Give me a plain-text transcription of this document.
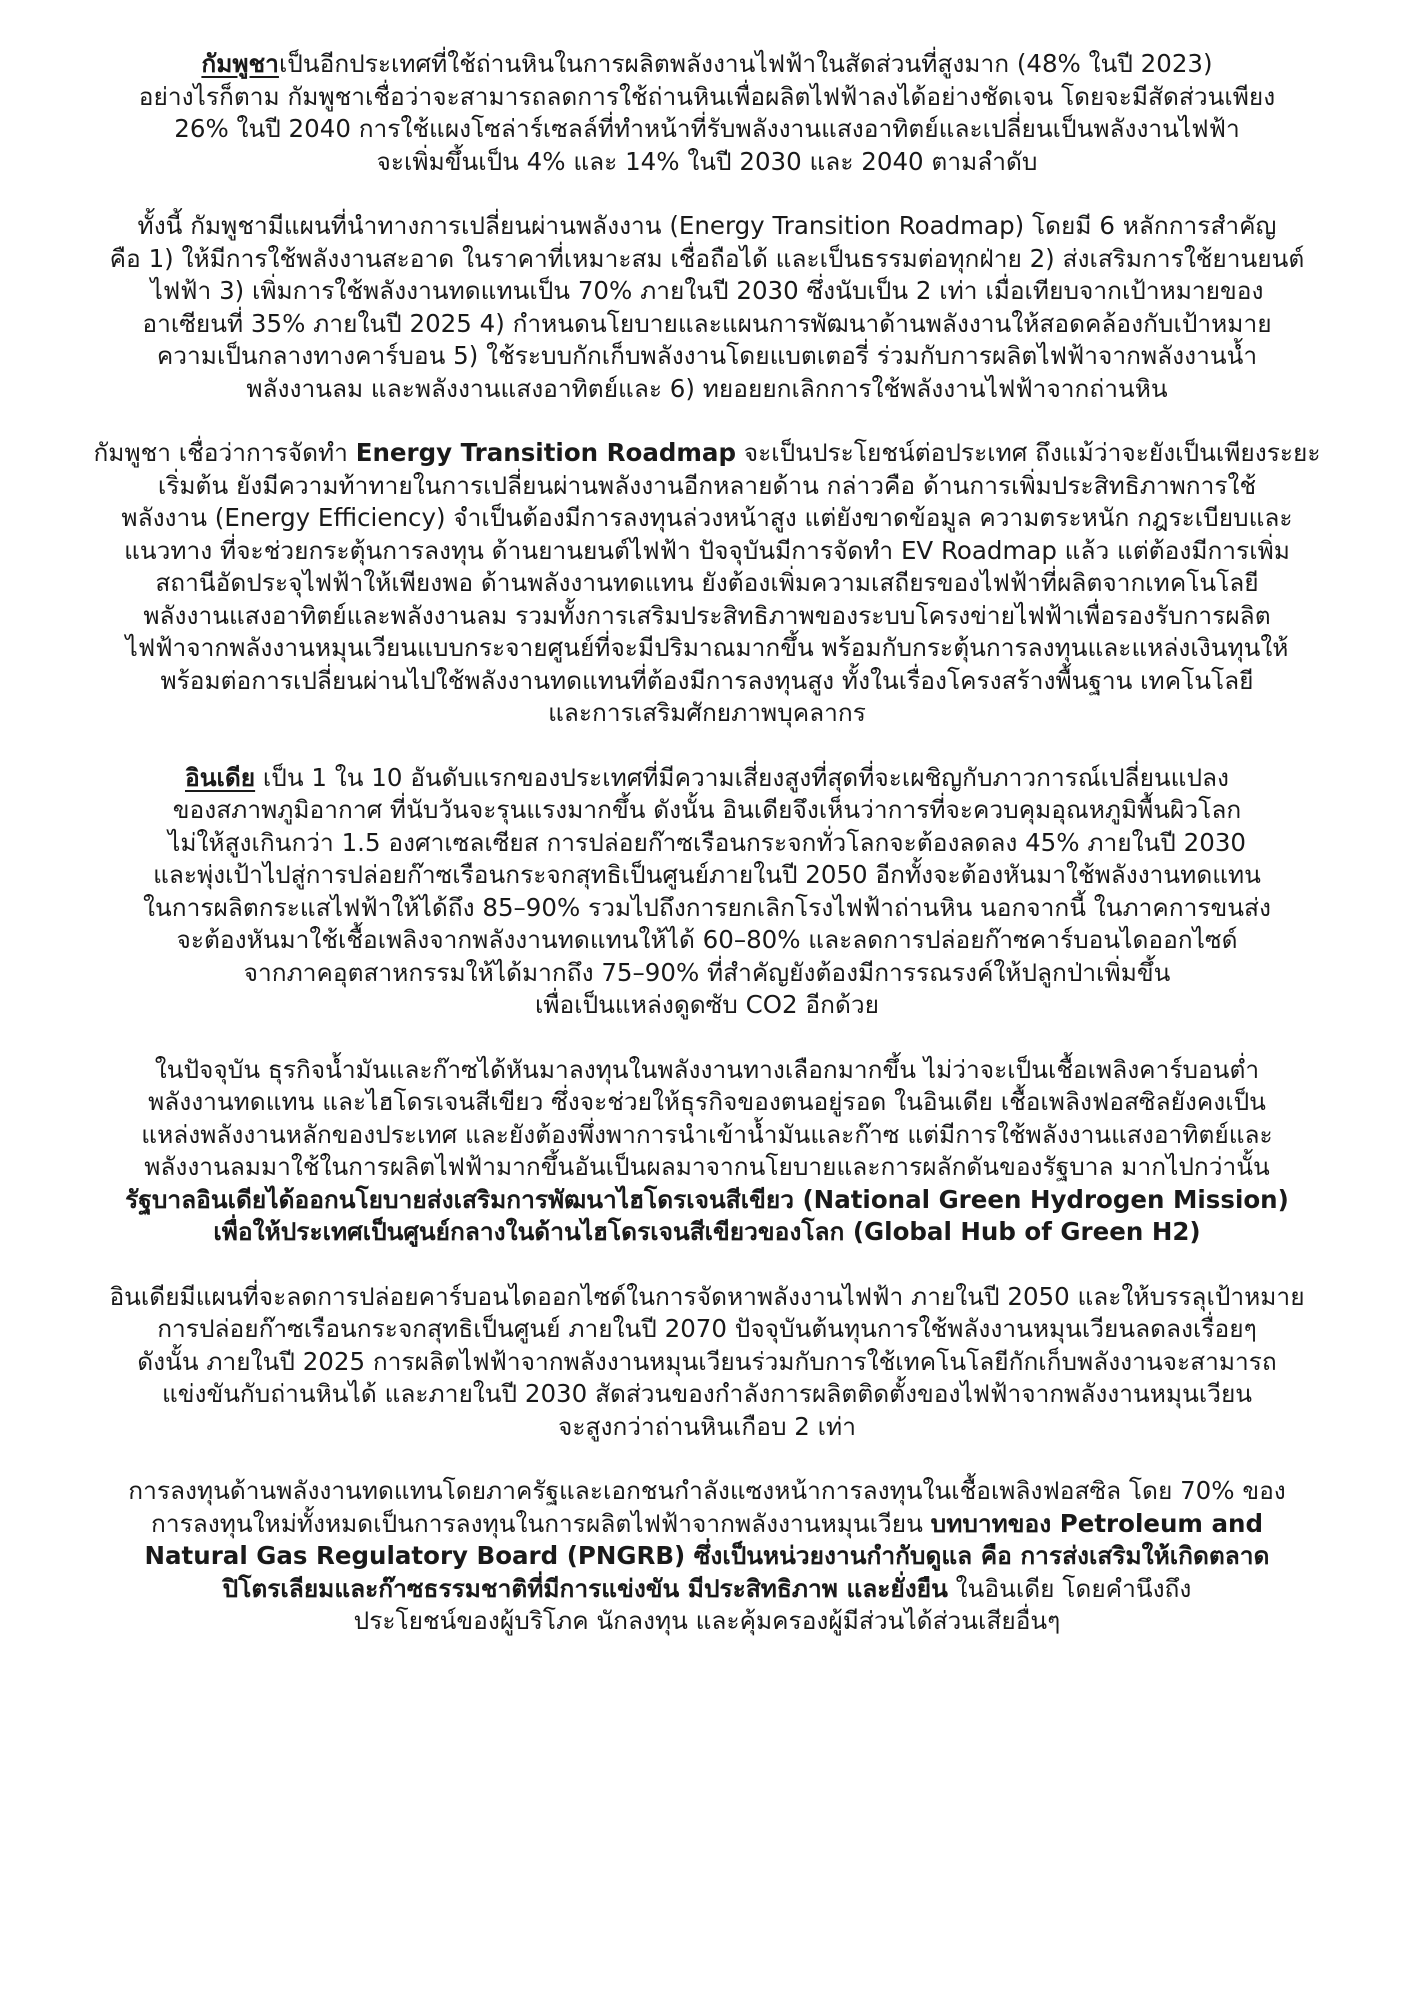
กัมพูชาเป็นอีกประเทศที่ใช้ถ่านหินในการผลิตพลังงานไฟฟ้าในสัดส่วนที่สูงมาก (48% ในปี 2023)
อย่างไรก็ตาม กัมพูชาเชื่อว่าจะสามารถลดการใช้ถ่านหินเพื่อผลิตไฟฟ้าลงได้อย่างชัดเจน โดยจะมีสัดส่วนเพียง
26% ในปี 2040 การใช้แผงโซล่าร์เซลล์ที่ทำหน้าที่รับพลังงานแสงอาทิตย์และเปลี่ยนเป็นพลังงานไฟฟ้า
จะเพิ่มขึ้นเป็น 4% และ 14% ในปี 2030 และ 2040 ตามลำดับ

ทั้งนี้ กัมพูชามีแผนที่นำทางการเปลี่ยนผ่านพลังงาน (Energy Transition Roadmap) โดยมี 6 หลักการสำคัญ
คือ 1) ให้มีการใช้พลังงานสะอาด ในราคาที่เหมาะสม เชื่อถือได้ และเป็นธรรมต่อทุกฝ่าย 2) ส่งเสริมการใช้ยานยนต์
ไฟฟ้า 3) เพิ่มการใช้พลังงานทดแทนเป็น 70% ภายในปี 2030 ซึ่งนับเป็น 2 เท่า เมื่อเทียบจากเป้าหมายของ
อาเซียนที่ 35% ภายในปี 2025 4) กำหนดนโยบายและแผนการพัฒนาด้านพลังงานให้สอดคล้องกับเป้าหมาย
ความเป็นกลางทางคาร์บอน 5) ใช้ระบบกักเก็บพลังงานโดยแบตเตอรี่ ร่วมกับการผลิตไฟฟ้าจากพลังงานน้ำ
พลังงานลม และพลังงานแสงอาทิตย์และ 6) ทยอยยกเลิกการใช้พลังงานไฟฟ้าจากถ่านหิน

กัมพูชา เชื่อว่าการจัดทำ Energy Transition Roadmap จะเป็นประโยชน์ต่อประเทศ ถึงแม้ว่าจะยังเป็นเพียงระยะ
เริ่มต้น ยังมีความท้าทายในการเปลี่ยนผ่านพลังงานอีกหลายด้าน กล่าวคือ ด้านการเพิ่มประสิทธิภาพการใช้
พลังงาน (Energy Efficiency) จำเป็นต้องมีการลงทุนล่วงหน้าสูง แต่ยังขาดข้อมูล ความตระหนัก กฎระเบียบและ
แนวทาง ที่จะช่วยกระตุ้นการลงทุน ด้านยานยนต์ไฟฟ้า ปัจจุบันมีการจัดทำ EV Roadmap แล้ว แต่ต้องมีการเพิ่ม
สถานีอัดประจุไฟฟ้าให้เพียงพอ ด้านพลังงานทดแทน ยังต้องเพิ่มความเสถียรของไฟฟ้าที่ผลิตจากเทคโนโลยี
พลังงานแสงอาทิตย์และพลังงานลม รวมทั้งการเสริมประสิทธิภาพของระบบโครงข่ายไฟฟ้าเพื่อรองรับการผลิต
ไฟฟ้าจากพลังงานหมุนเวียนแบบกระจายศูนย์ที่จะมีปริมาณมากขึ้น พร้อมกับกระตุ้นการลงทุนและแหล่งเงินทุนให้
พร้อมต่อการเปลี่ยนผ่านไปใช้พลังงานทดแทนที่ต้องมีการลงทุนสูง ทั้งในเรื่องโครงสร้างพื้นฐาน เทคโนโลยี
และการเสริมศักยภาพบุคลากร

อินเดีย เป็น 1 ใน 10 อันดับแรกของประเทศที่มีความเสี่ยงสูงที่สุดที่จะเผชิญกับภาวการณ์เปลี่ยนแปลง
ของสภาพภูมิอากาศ ที่นับวันจะรุนแรงมากขึ้น ดังนั้น อินเดียจึงเห็นว่าการที่จะควบคุมอุณหภูมิพื้นผิวโลก
ไม่ให้สูงเกินกว่า 1.5 องศาเซลเซียส การปล่อยก๊าซเรือนกระจกทั่วโลกจะต้องลดลง 45% ภายในปี 2030
และพุ่งเป้าไปสู่การปล่อยก๊าซเรือนกระจกสุทธิเป็นศูนย์ภายในปี 2050 อีกทั้งจะต้องหันมาใช้พลังงานทดแทน
ในการผลิตกระแสไฟฟ้าให้ได้ถึง 85–90% รวมไปถึงการยกเลิกโรงไฟฟ้าถ่านหิน นอกจากนี้ ในภาคการขนส่ง
จะต้องหันมาใช้เชื้อเพลิงจากพลังงานทดแทนให้ได้ 60–80% และลดการปล่อยก๊าซคาร์บอนไดออกไซด์
จากภาคอุตสาหกรรมให้ได้มากถึง 75–90% ที่สำคัญยังต้องมีการรณรงค์ให้ปลูกป่าเพิ่มขึ้น
เพื่อเป็นแหล่งดูดซับ CO2 อีกด้วย

ในปัจจุบัน ธุรกิจน้ำมันและก๊าซได้หันมาลงทุนในพลังงานทางเลือกมากขึ้น ไม่ว่าจะเป็นเชื้อเพลิงคาร์บอนต่ำ
พลังงานทดแทน และไฮโดรเจนสีเขียว ซึ่งจะช่วยให้ธุรกิจของตนอยู่รอด ในอินเดีย เชื้อเพลิงฟอสซิลยังคงเป็น
แหล่งพลังงานหลักของประเทศ และยังต้องพึ่งพาการนำเข้าน้ำมันและก๊าซ แต่มีการใช้พลังงานแสงอาทิตย์และ
พลังงานลมมาใช้ในการผลิตไฟฟ้ามากขึ้นอันเป็นผลมาจากนโยบายและการผลักดันของรัฐบาล มากไปกว่านั้น
รัฐบาลอินเดียได้ออกนโยบายส่งเสริมการพัฒนาไฮโดรเจนสีเขียว (National Green Hydrogen Mission)
เพื่อให้ประเทศเป็นศูนย์กลางในด้านไฮโดรเจนสีเขียวของโลก (Global Hub of Green H2)

อินเดียมีแผนที่จะลดการปล่อยคาร์บอนไดออกไซด์ในการจัดหาพลังงานไฟฟ้า ภายในปี 2050 และให้บรรลุเป้าหมาย
การปล่อยก๊าซเรือนกระจกสุทธิเป็นศูนย์ ภายในปี 2070 ปัจจุบันต้นทุนการใช้พลังงานหมุนเวียนลดลงเรื่อยๆ
ดังนั้น ภายในปี 2025 การผลิตไฟฟ้าจากพลังงานหมุนเวียนร่วมกับการใช้เทคโนโลยีกักเก็บพลังงานจะสามารถ
แข่งขันกับถ่านหินได้ และภายในปี 2030 สัดส่วนของกำลังการผลิตติดตั้งของไฟฟ้าจากพลังงานหมุนเวียน
จะสูงกว่าถ่านหินเกือบ 2 เท่า

การลงทุนด้านพลังงานทดแทนโดยภาครัฐและเอกชนกำลังแซงหน้าการลงทุนในเชื้อเพลิงฟอสซิล โดย 70% ของ
การลงทุนใหม่ทั้งหมดเป็นการลงทุนในการผลิตไฟฟ้าจากพลังงานหมุนเวียน บทบาทของ Petroleum and
Natural Gas Regulatory Board (PNGRB) ซึ่งเป็นหน่วยงานกำกับดูแล คือ การส่งเสริมให้เกิดตลาด
ปิโตรเลียมและก๊าซธรรมชาติที่มีการแข่งขัน มีประสิทธิภาพ และยั่งยืน ในอินเดีย โดยคำนึงถึง
ประโยชน์ของผู้บริโภค นักลงทุน และคุ้มครองผู้มีส่วนได้ส่วนเสียอื่นๆ
